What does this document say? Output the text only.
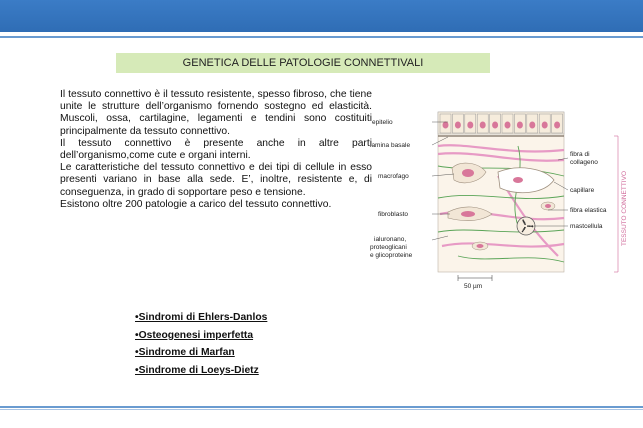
GENETICA DELLE PATOLOGIE CONNETTIVALI

Il tessuto connettivo è il tessuto resistente, spesso fibroso, che tiene unite le strutture dell’organismo fornendo sostegno ed elasticità. Muscoli, ossa, cartilagine, legamenti e tendini sono costituiti principalmente da tessuto connettivo.

Il tessuto connettivo è presente anche in altre parti dell’organismo,come cute e organi interni.

Le caratteristiche del tessuto connettivo e dei tipi di cellule in esso presenti variano in base alla sede. E’, inoltre, resistente e, di conseguenza, in grado di sopportare peso e tensione.

Esistono oltre 200 patologie a carico del tessuto connettivo.

•Sindromi di Ehlers-Danlos
•Osteogenesi imperfetta
•Sindrome di Marfan
•Sindrome di Loeys-Dietz
epitelio
lamina basale
macrofago
fibroblasto
ialuronano,
proteoglicani
e glicoproteine
fibra di
collageno
capillare
fibra elastica
mastcellula	TESSUTO CONNETTIVO
50 µm
